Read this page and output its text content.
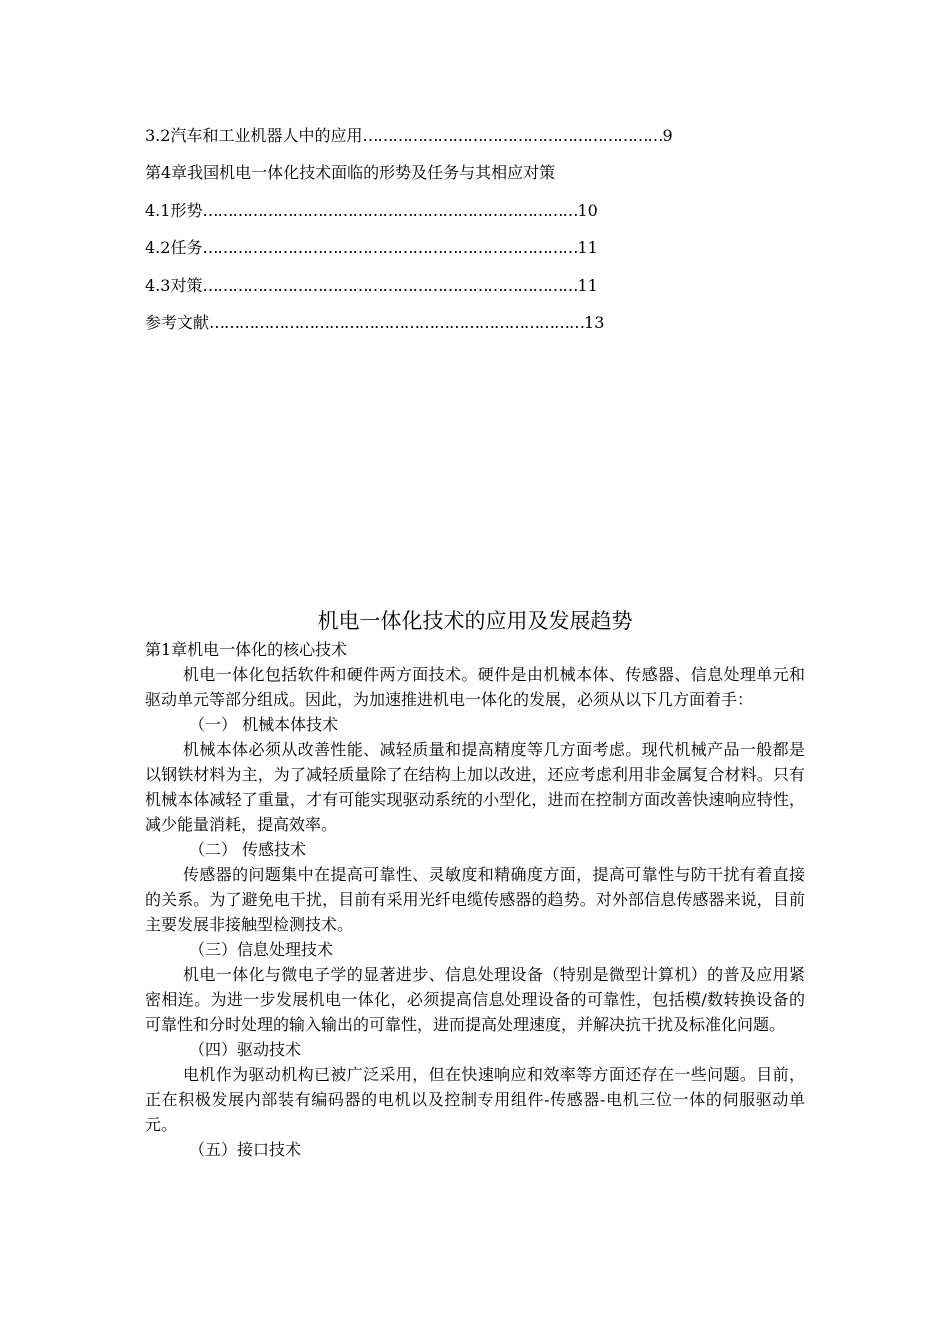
3.2汽车和工业机器人中的应用……………………………………………………9
第4章我国机电一体化技术面临的形势及任务与其相应对策
4.1形势…………………………………………………………………10
4.2任务…………………………………………………………………11
4.3对策…………………………………………………………………11
参考文献…………………………………………………………………13
机电一体化技术的应用及发展趋势

第1章机电一体化的核心技术

机电一体化包括软件和硬件两方面技术。硬件是由机械本体、传感器、信息处理单元和驱动单元等部分组成。因此，为加速推进机电一体化的发展，必须从以下几方面着手：

（一） 机械本体技术

机械本体必须从改善性能、减轻质量和提高精度等几方面考虑。现代机械产品一般都是以钢铁材料为主，为了减轻质量除了在结构上加以改进，还应考虑利用非金属复合材料。只有机械本体减轻了重量，才有可能实现驱动系统的小型化，进而在控制方面改善快速响应特性，减少能量消耗，提高效率。

（二） 传感技术

传感器的问题集中在提高可靠性、灵敏度和精确度方面，提高可靠性与防干扰有着直接的关系。为了避免电干扰，目前有采用光纤电缆传感器的趋势。对外部信息传感器来说，目前主要发展非接触型检测技术。

（三）信息处理技术

机电一体化与微电子学的显著进步、信息处理设备（特别是微型计算机）的普及应用紧密相连。为进一步发展机电一体化，必须提高信息处理设备的可靠性，包括模/数转换设备的可靠性和分时处理的输入输出的可靠性，进而提高处理速度，并解决抗干扰及标准化问题。

（四）驱动技术

电机作为驱动机构已被广泛采用，但在快速响应和效率等方面还存在一些问题。目前，正在积极发展内部装有编码器的电机以及控制专用组件-传感器-电机三位一体的伺服驱动单元。

（五）接口技术
